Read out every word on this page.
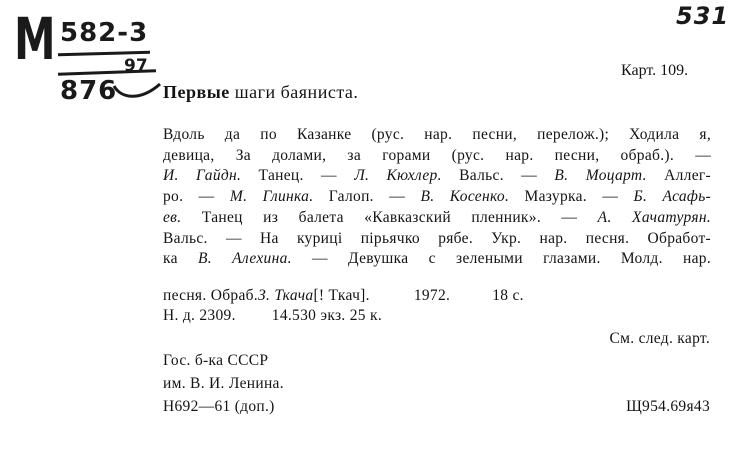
М 582-3
97
876
531
Карт. 109.
Первые шаги баяниста.
Вдоль да по Казанке (рус. нар. песни, перелож.); Ходила я,
девица, За долами, за горами (рус. нар. песни, обраб.). —
И. Гайдн. Танец. — Л. Кюхлер. Вальс. — В. Моцарт. Аллег-
ро. — М. Глинка. Галоп. — В. Косенко. Мазурка. — Б. Асафь-
ев. Танец из балета «Кавказский пленник». — А. Хачатурян.
Вальс. — На куриці пірьячко рябе. Укр. нар. песня. Обработ-
ка В. Алехина. — Девушка с зелеными глазами. Молд. нар.
песня. Обраб.З. Ткача[! Ткач].	1972.	18 с.
Н. д. 2309. 14.530 экз. 25 к.
См. след. карт.
Гос. б-ка СССР
им. В. И. Ленина.
Н692—61 (доп.)	Щ954.69я43
